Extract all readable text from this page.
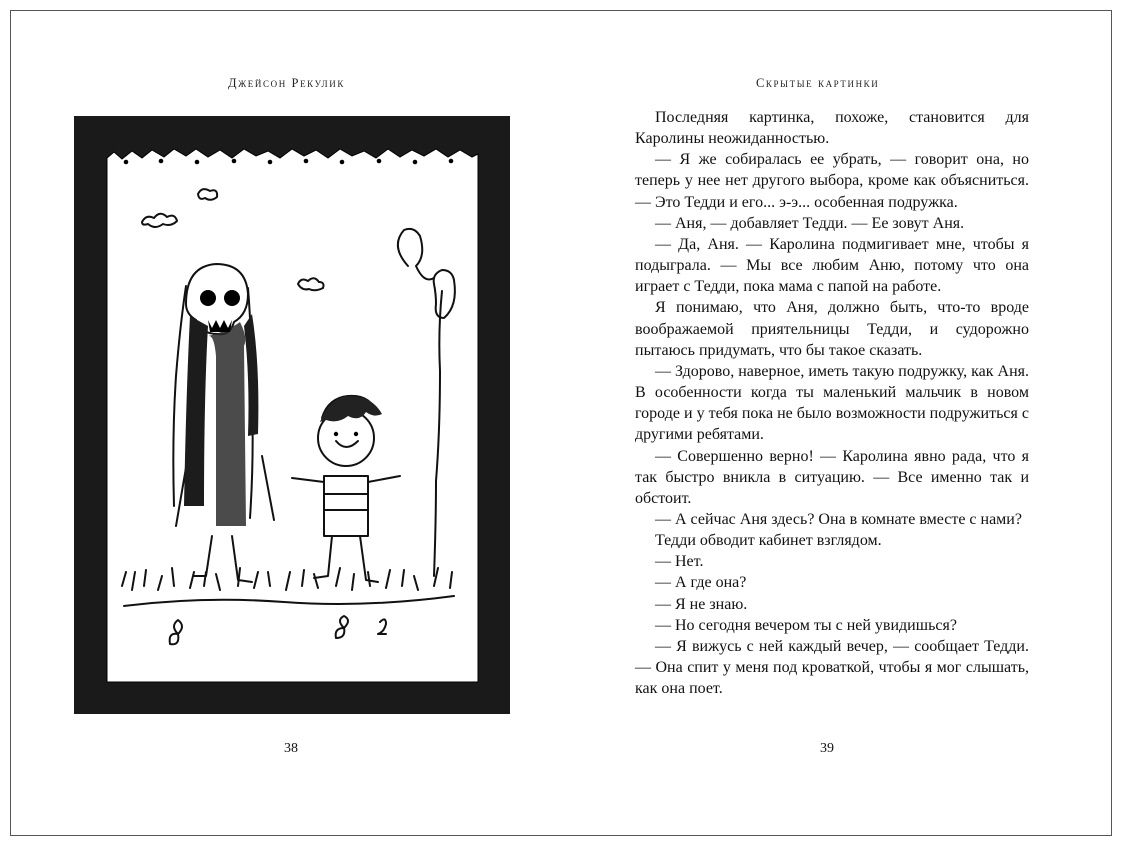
Джейсон Рекулик	Скрытые картинки

Последняя картинка, похоже, становится для Каролины неожиданностью.

— Я же собиралась ее убрать, — говорит она, но теперь у нее нет другого выбора, кроме как объясниться. — Это Тедди и его... э-э... особенная подружка.

— Аня, — добавляет Тедди. — Ее зовут Аня.

— Да, Аня. — Каролина подмигивает мне, чтобы я подыграла. — Мы все любим Аню, потому что она играет с Тедди, пока мама с папой на работе.

Я понимаю, что Аня, должно быть, что-то вроде воображаемой приятельницы Тедди, и судорожно пытаюсь придумать, что бы такое сказать.

— Здорово, наверное, иметь такую подружку, как Аня. В особенности когда ты маленький мальчик в новом городе и у тебя пока не было возможности подружиться с другими ребятами.

— Совершенно верно! — Каролина явно рада, что я так быстро вникла в ситуацию. — Все именно так и обстоит.

— А сейчас Аня здесь? Она в комнате вместе с нами?

Тедди обводит кабинет взглядом.

— Нет.

— А где она?

— Я не знаю.

— Но сегодня вечером ты с ней увидишься?

— Я вижусь с ней каждый вечер, — сообщает Тедди. — Она спит у меня под кроваткой, чтобы я мог слышать, как она поет.

38	39
